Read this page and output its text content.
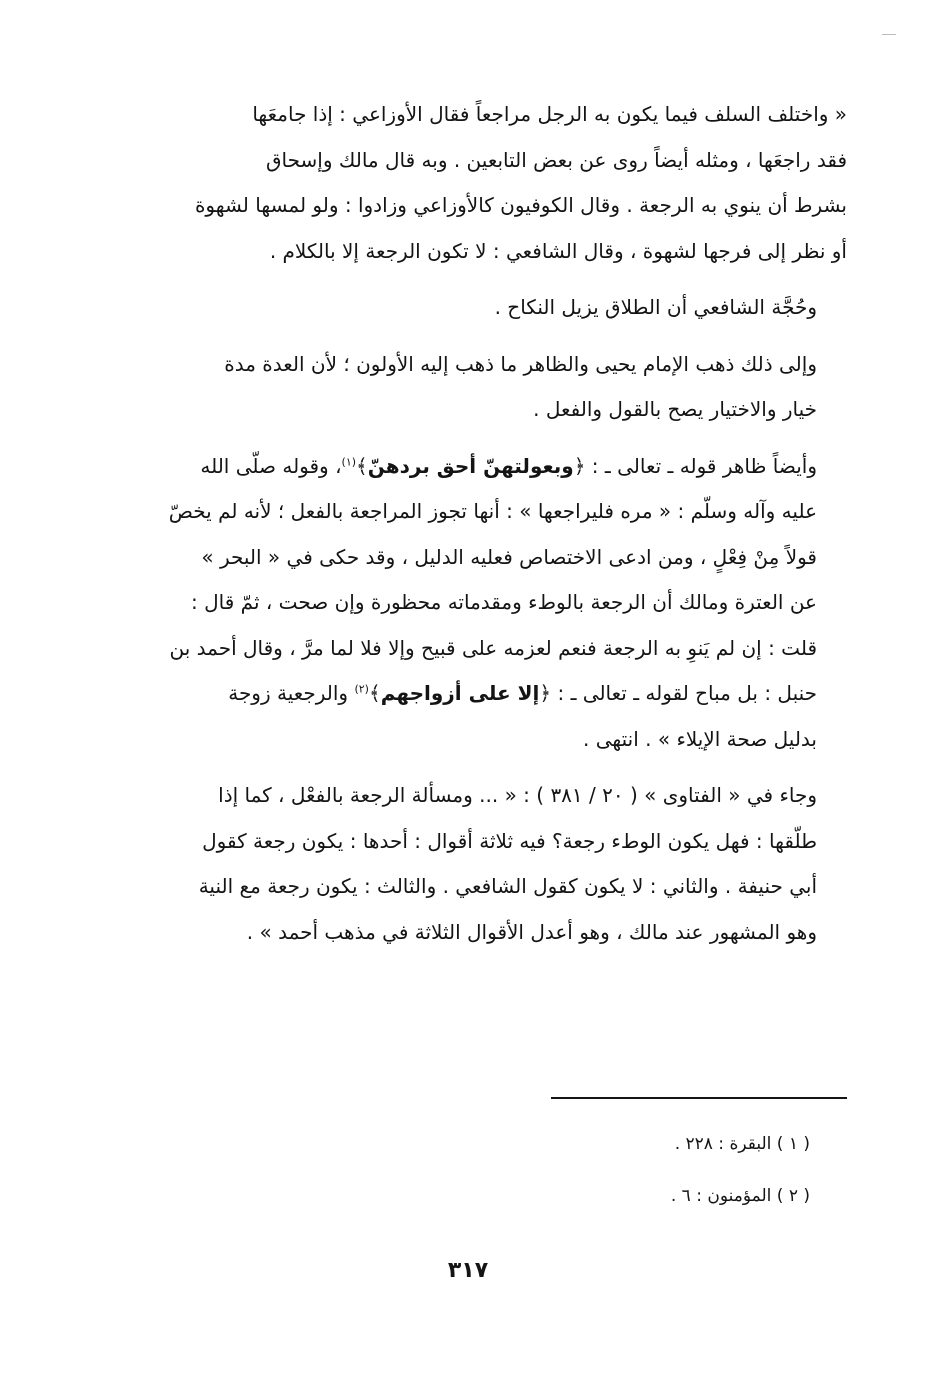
« واختلف السلف فيما يكون به الرجل مراجعاً فقال الأوزاعي : إذا جامعَها
فقد راجعَها ، ومثله أيضاً روى عن بعض التابعين . وبه قال مالك وإسحاق
بشرط أن ينوي به الرجعة . وقال الكوفيون كالأوزاعي وزادوا : ولو لمسها لشهوة
أو نظر إلى فرجها لشهوة ، وقال الشافعي : لا تكون الرجعة إلا بالكلام .

وحُجَّة الشافعي أن الطلاق يزيل النكاح .

وإلى ذلك ذهب الإمام يحيى والظاهر ما ذهب إليه الأولون ؛ لأن العدة مدة
خيار والاختيار يصح بالقول والفعل .

وأيضاً ظاهر قوله ـ تعالى ـ : ﴿وبعولتهنّ أحق بردهنّ﴾$^{(١)}$، وقوله صلّى الله
عليه وآله وسلّم : « مره فليراجعها » : أنها تجوز المراجعة بالفعل ؛ لأنه لم يخصّ
قولاً مِنْ فِعْلٍ ، ومن ادعى الاختصاص فعليه الدليل ، وقد حكى في « البحر »
عن العترة ومالك أن الرجعة بالوطء ومقدماته محظورة وإن صحت ، ثمّ قال :
قلت : إن لم يَنوِ به الرجعة فنعم لعزمه على قبيح وإلا فلا لما مرَّ ، وقال أحمد بن
حنبل : بل مباح لقوله ـ تعالى ـ : ﴿إلا على أزواجهم﴾$^{(٢)}$ والرجعية زوجة
بدليل صحة الإيلاء » . انتهى .

وجاء في « الفتاوى » ( ٢٠ / ٣٨١ ) : « ... ومسألة الرجعة بالفعْل ، كما إذا
طلّقها : فهل يكون الوطء رجعة؟ فيه ثلاثة أقوال : أحدها : يكون رجعة كقول
أبي حنيفة . والثاني : لا يكون كقول الشافعي . والثالث : يكون رجعة مع النية
وهو المشهور عند مالك ، وهو أعدل الأقوال الثلاثة في مذهب أحمد » .

( ١ ) البقرة : ٢٢٨ .
( ٢ ) المؤمنون : ٦ .
٣١٧
